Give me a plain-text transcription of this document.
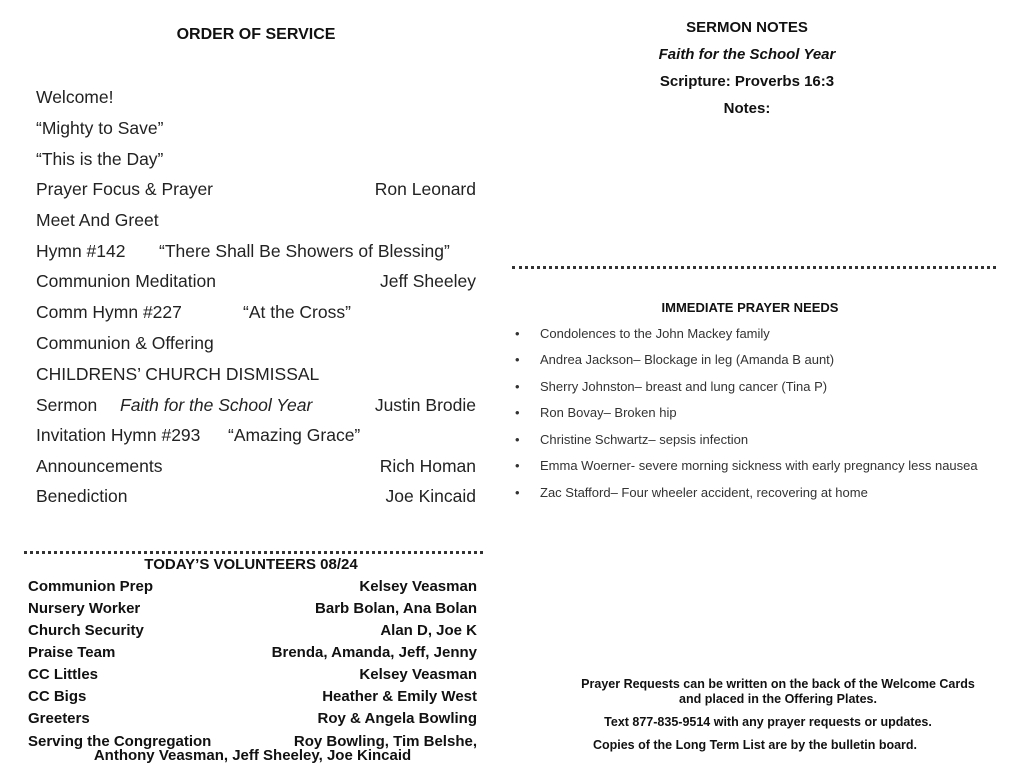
ORDER OF SERVICE
Welcome!
“Mighty to Save”
“This is the Day”
Prayer Focus & Prayer	Ron Leonard
Meet And Greet
Hymn #142 “There Shall Be Showers of Blessing”
Communion Meditation	Jeff Sheeley
Comm Hymn #227	“At the Cross”
Communion & Offering
CHILDRENS’ CHURCH DISMISSAL
Sermon Faith for the School Year	Justin Brodie
Invitation Hymn #293 “Amazing Grace”
Announcements	Rich Homan
Benediction	Joe Kincaid
TODAY’S VOLUNTEERS 08/24
Communion Prep	Kelsey Veasman
Nursery Worker	Barb Bolan, Ana Bolan
Church Security	Alan D, Joe K
Praise Team	Brenda, Amanda, Jeff, Jenny
CC Littles	Kelsey Veasman
CC Bigs	Heather & Emily West
Greeters	Roy & Angela Bowling
Serving the Congregation	Roy Bowling, Tim Belshe,
Anthony Veasman, Jeff Sheeley, Joe Kincaid
SERMON NOTES
Faith for the School Year
Scripture: Proverbs 16:3
Notes:
IMMEDIATE PRAYER NEEDS
• Condolences to the John Mackey family
• Andrea Jackson– Blockage in leg (Amanda B aunt)
• Sherry Johnston– breast and lung cancer (Tina P)
• Ron Bovay– Broken hip
• Christine Schwartz– sepsis infection
• Emma Woerner- severe morning sickness with early pregnancy less nausea
• Zac Stafford– Four wheeler accident, recovering at home
Prayer Requests can be written on the back of the Welcome Cards
and placed in the Offering Plates.
Text 877-835-9514 with any prayer requests or updates.
Copies of the Long Term List are by the bulletin board.
